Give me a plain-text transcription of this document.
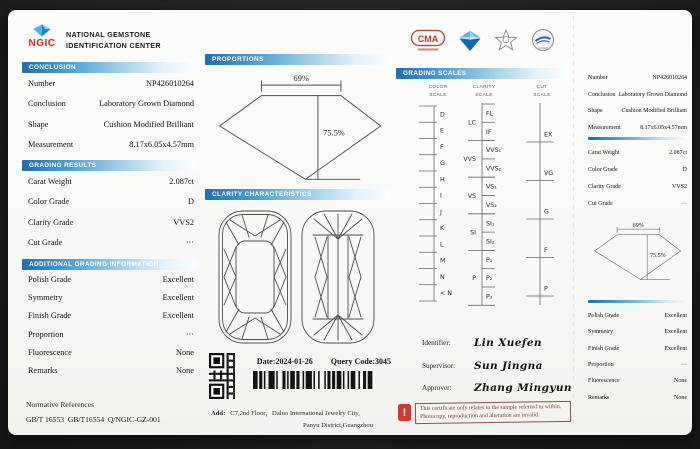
NGIC
NATIONAL GEMSTONE
IDENTIFICATION CENTER
CONCLUSION
Number	NP426010264
Conclusion	Laboratory Grown Diamond
Shape	Cushion Modified Brilliant
Measurement	8.17x6.05x4.57mm
GRADING RESULTS
Carat Weight	2.087ct
Color Grade	D
Clarity Grade	VVS2
Cut Grade	···
ADDITIONAL GRADING INFORMATION
Polish Grade	Excellent
Symmetry	Excellent
Finish Grade	Excellent
Proportion	···
Fluorescence	None
Remarks	None
Normative References
GB/T 16553  GB/T16554  Q/NGIC-GZ-001
PROPORTIONS
69%
75.5%
CLARITY CHARACTERISTICS
Date:2024-01-26 Query Code:3045
Add: C7,2nd Floor，Daluo International Jewelry City,
Panyu District,Guangzhou
CMA
GRADING SCALES
COLOR
SCALE
CLARITY
SCALE
CUT
SCALE
D
E
F
G
H
I
J
K
L
M
N
< N
FL
IF
LC
VVS₁
VVS₂
VVS
VS₁
VS₂
VS
SI₁
SI₂
SI
P₁
P₂
P₃
P
EX
VG
G
F
P
Identifier:	Lin Xuefen
Supervisor:	Sun Jingna
Approver:	Zhang Mingyun
!	This certificate only relates to the sample referred to within. Photocopy, reproduction and alteration are invalid.
Number	NP426010264
Conclusion Laboratory Grown Diamond
Shape	Cushion Modified Brilliant
Measurement	8.17x6.05x4.57mm
Carat Weight	2.087ct
Color Grade	D
Clarity Grade	VVS2
Cut Grade	···
69%
75.5%
Polish Grade	Excellent
Symmetry	Excellent
Finish Grade	Excellent
Proportion	···
Fluorescence	None
Remarks	None
